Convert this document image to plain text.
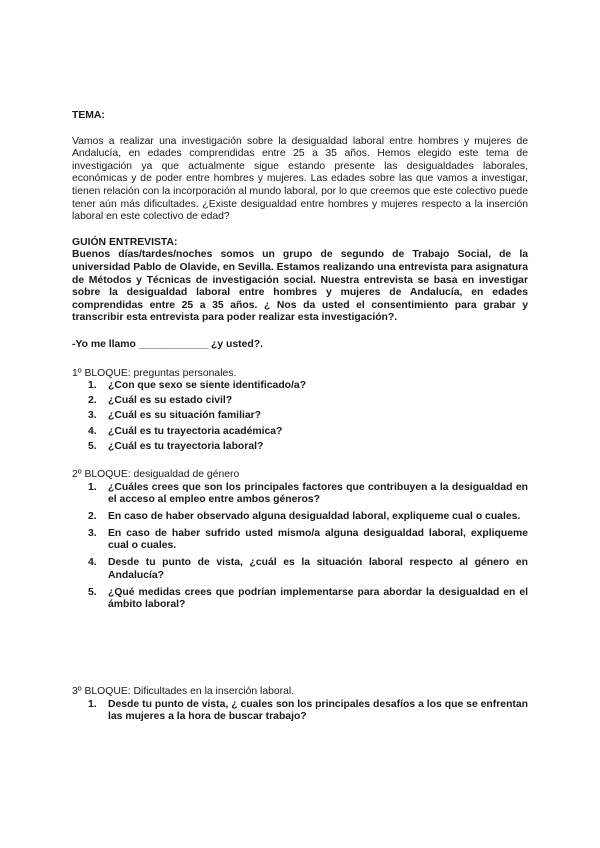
TEMA:

Vamos a realizar una investigación sobre la desigualdad laboral entre hombres y mujeres de Andalucía, en edades comprendidas entre 25 a 35 años. Hemos elegido este tema de investigación ya que actualmente sigue estando presente las desigualdades laborales, económicas y de poder entre hombres y mujeres. Las edades sobre las que vamos a investigar, tienen relación con la incorporación al mundo laboral, por lo que creemos que este colectivo puede tener aún más dificultades. ¿Existe desigualdad entre hombres y mujeres respecto a la inserción laboral en este colectivo de edad?

GUIÓN ENTREVISTA:

Buenos días/tardes/noches somos un grupo de segundo de Trabajo Social, de la universidad Pablo de Olavide, en Sevilla. Estamos realizando una entrevista para asignatura de Métodos y Técnicas de investigación social. Nuestra entrevista se basa en investigar sobre la desigualdad laboral entre hombres y mujeres de Andalucía, en edades comprendidas entre 25 a 35 años. ¿ Nos da usted el consentimiento para grabar y transcribir esta entrevista para poder realizar esta investigación?.

-Yo me llamo ____________ ¿y usted?.

1º BLOQUE: preguntas personales.

1. ¿Con que sexo se siente identificado/a?
2. ¿Cuál es su estado civil?
3. ¿Cuál es su situación familiar?
4. ¿Cuál es tu trayectoria académica?
5. ¿Cuál es tu trayectoria laboral?

2º BLOQUE: desigualdad de género

1. ¿Cuáles crees que son los principales factores que contribuyen a la desigualdad en el acceso al empleo entre ambos géneros?
2. En caso de haber observado alguna desigualdad laboral, expliqueme cual o cuales.
3. En caso de haber sufrido usted mismo/a alguna desigualdad laboral, expliqueme cual o cuales.
4. Desde tu punto de vista, ¿cuál es la situación laboral respecto al género en Andalucía?
5. ¿Qué medidas crees que podrían implementarse para abordar la desigualdad en el ámbito laboral?

3º BLOQUE: Dificultades en la inserción laboral.

1. Desde tu punto de vista, ¿ cuales son los principales desafíos a los que se enfrentan las mujeres a la hora de buscar trabajo?
